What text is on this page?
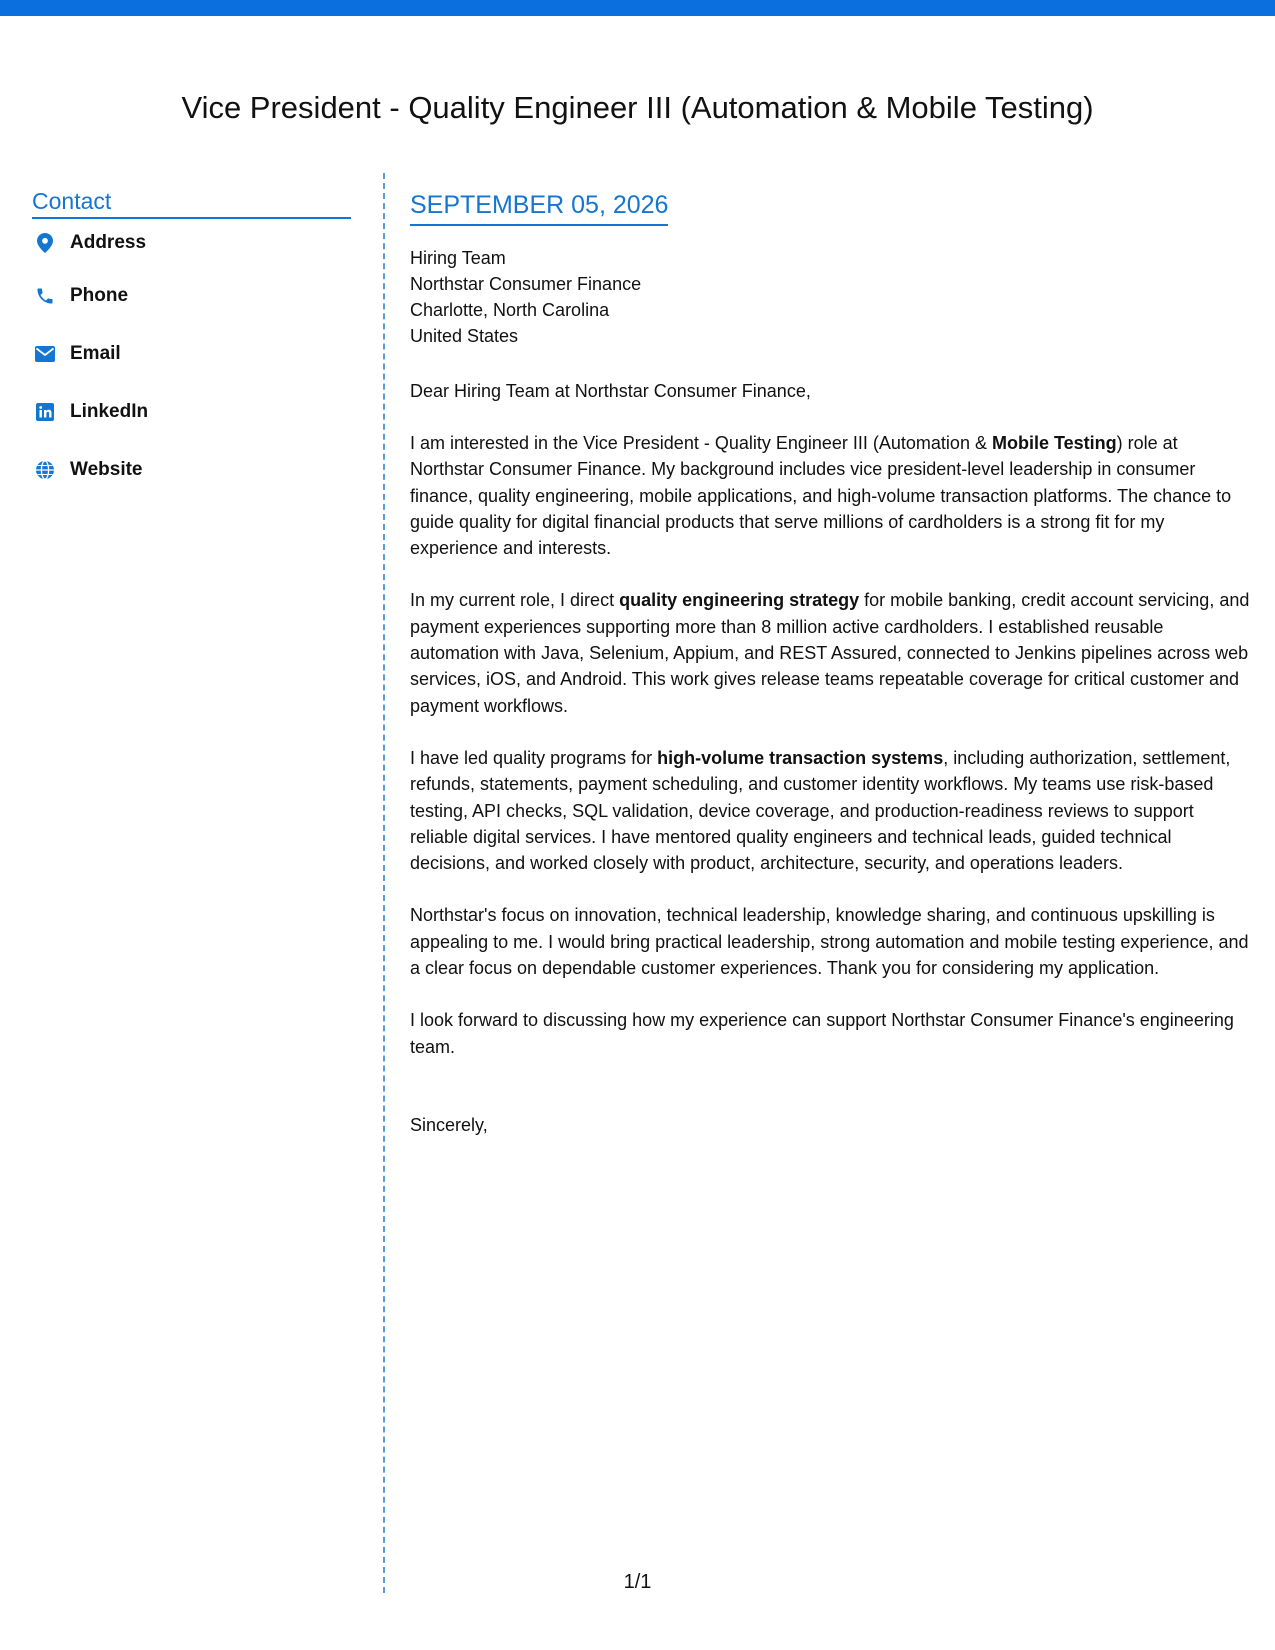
Vice President - Quality Engineer III (Automation & Mobile Testing)
Contact
Address
Phone
Email
LinkedIn
Website
SEPTEMBER 05, 2026
Hiring Team
Northstar Consumer Finance
Charlotte, North Carolina
United States
Dear Hiring Team at Northstar Consumer Finance,

I am interested in the Vice President - Quality Engineer III (Automation & Mobile Testing) role at Northstar Consumer Finance. My background includes vice president-level leadership in consumer finance, quality engineering, mobile applications, and high-volume transaction platforms. The chance to guide quality for digital financial products that serve millions of cardholders is a strong fit for my experience and interests.

In my current role, I direct quality engineering strategy for mobile banking, credit account servicing, and payment experiences supporting more than 8 million active cardholders. I established reusable automation with Java, Selenium, Appium, and REST Assured, connected to Jenkins pipelines across web services, iOS, and Android. This work gives release teams repeatable coverage for critical customer and payment workflows.

I have led quality programs for high-volume transaction systems, including authorization, settlement, refunds, statements, payment scheduling, and customer identity workflows. My teams use risk-based testing, API checks, SQL validation, device coverage, and production-readiness reviews to support reliable digital services. I have mentored quality engineers and technical leads, guided technical decisions, and worked closely with product, architecture, security, and operations leaders.

Northstar's focus on innovation, technical leadership, knowledge sharing, and continuous upskilling is appealing to me. I would bring practical leadership, strong automation and mobile testing experience, and a clear focus on dependable customer experiences. Thank you for considering my application.

I look forward to discussing how my experience can support Northstar Consumer Finance's engineering team.

Sincerely,
1/1
